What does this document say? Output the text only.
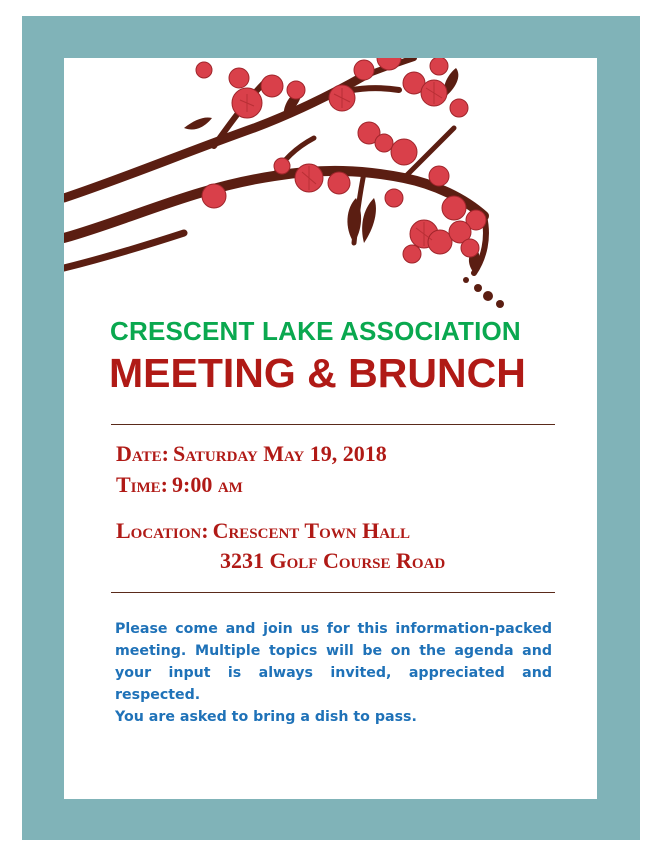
CRESCENT LAKE ASSOCIATION
MEETING & BRUNCH

Date: Saturday May 19, 2018

Time: 9:00 am

Location: Crescent Town Hall

3231 Golf Course Road

Please come and join us for this information-packed meeting. Multiple topics will be on the agenda and your input is always invited, appreciated and respected.

You are asked to bring a dish to pass.
